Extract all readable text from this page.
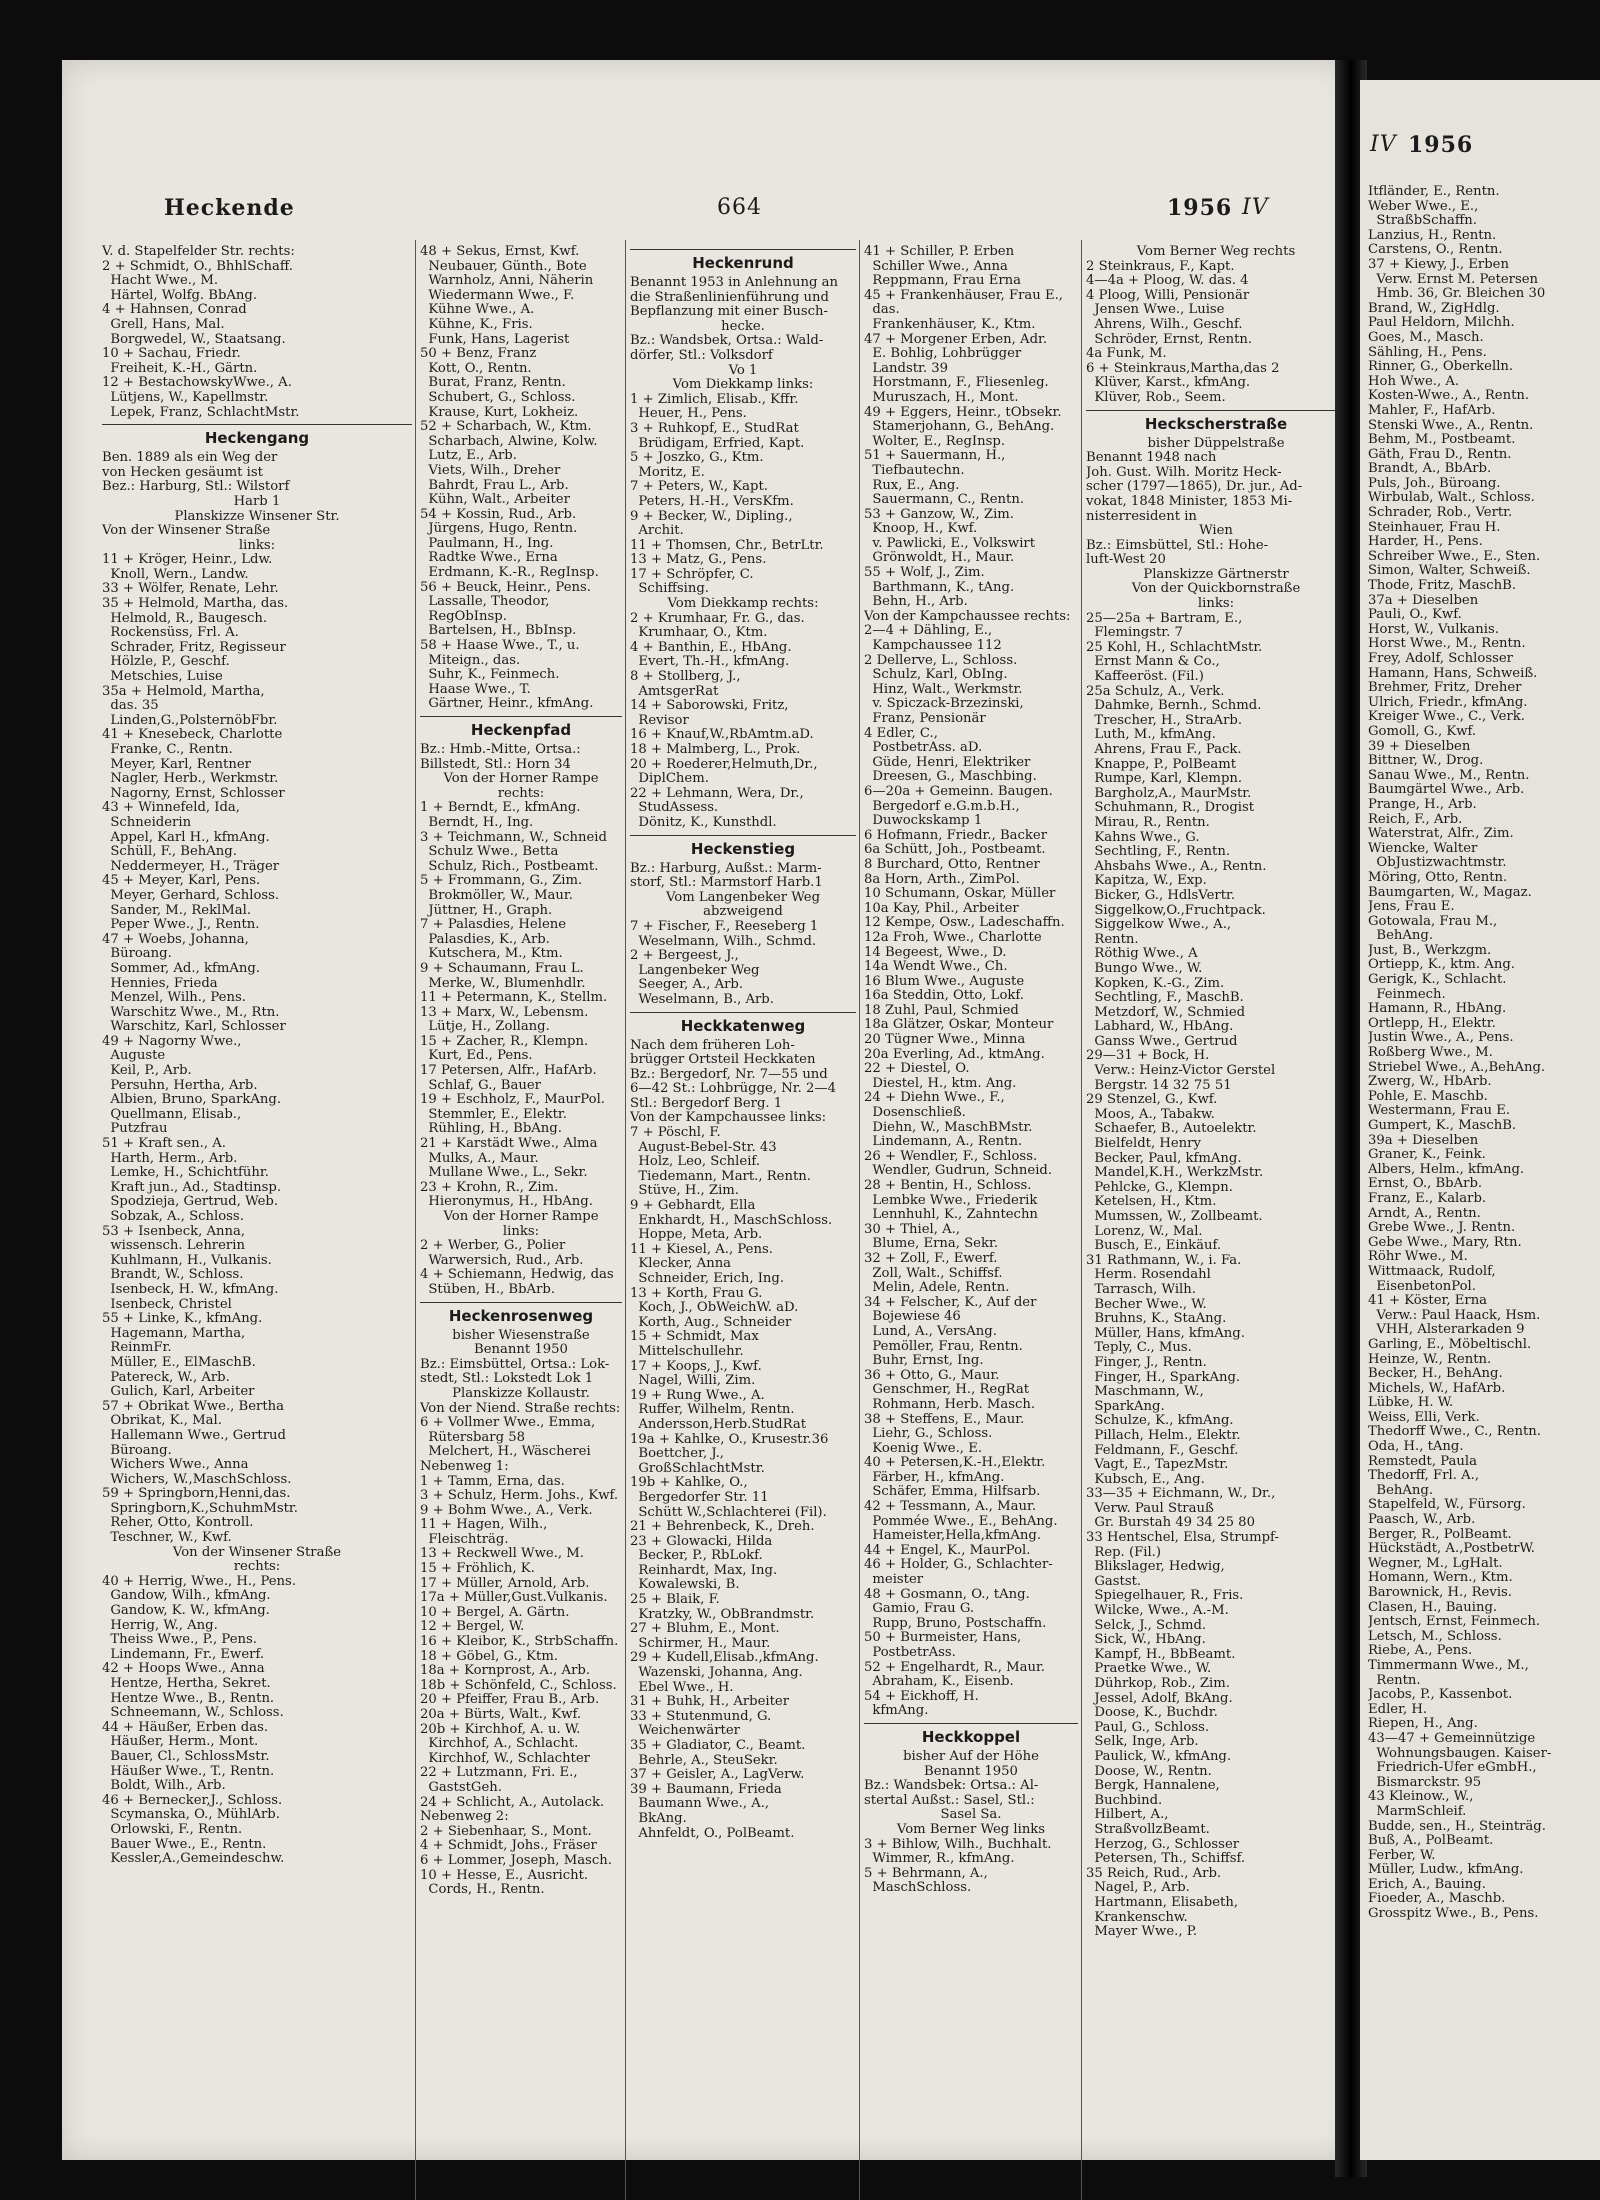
Heckende	664	1956 IV
V. d. Stapelfelder Str. rechts:
2 + Schmidt, O., BhhlSchaff.
Hacht Wwe., M.
Härtel, Wolfg. BbAng.
4 + Hahnsen, Conrad
Grell, Hans, Mal.
Borgwedel, W., Staatsang.
10 + Sachau, Friedr.
Freiheit, K.-H., Gärtn.
12 + BestachowskyWwe., A.
Lütjens, W., Kapellmstr.
Lepek, Franz, SchlachtMstr.
Heckengang
Ben. 1889 als ein Weg der
von Hecken gesäumt ist
Bez.: Harburg, Stl.: Wilstorf
Harb 1
Planskizze Winsener Str.
Von der Winsener Straße
links:
11 + Kröger, Heinr., Ldw.
Knoll, Wern., Landw.
33 + Wölfer, Renate, Lehr.
35 + Helmold, Martha, das.
Helmold, R., Baugesch.
Rockensüss, Frl. A.
Schrader, Fritz, Regisseur
Hölzle, P., Geschf.
Metschies, Luise
35a + Helmold, Martha,
das. 35
Linden,G.,PolsternöbFbr.
41 + Knesebeck, Charlotte
Franke, C., Rentn.
Meyer, Karl, Rentner
Nagler, Herb., Werkmstr.
Nagorny, Ernst, Schlosser
43 + Winnefeld, Ida,
Schneiderin
Appel, Karl H., kfmAng.
Schüll, F., BehAng.
Neddermeyer, H., Träger
45 + Meyer, Karl, Pens.
Meyer, Gerhard, Schloss.
Sander, M., ReklMal.
Peper Wwe., J., Rentn.
47 + Woebs, Johanna,
Büroang.
Sommer, Ad., kfmAng.
Hennies, Frieda
Menzel, Wilh., Pens.
Warschitz Wwe., M., Rtn.
Warschitz, Karl, Schlosser
49 + Nagorny Wwe.,
Auguste
Keil, P., Arb.
Persuhn, Hertha, Arb.
Albien, Bruno, SparkAng.
Quellmann, Elisab.,
Putzfrau
51 + Kraft sen., A.
Harth, Herm., Arb.
Lemke, H., Schichtführ.
Kraft jun., Ad., Stadtinsp.
Spodzieja, Gertrud, Web.
Sobzak, A., Schloss.
53 + Isenbeck, Anna,
wissensch. Lehrerin
Kuhlmann, H., Vulkanis.
Brandt, W., Schloss.
Isenbeck, H. W., kfmAng.
Isenbeck, Christel
55 + Linke, K., kfmAng.
Hagemann, Martha,
ReinmFr.
Müller, E., ElMaschB.
Patereck, W., Arb.
Gulich, Karl, Arbeiter
57 + Obrikat Wwe., Bertha
Obrikat, K., Mal.
Hallemann Wwe., Gertrud
Büroang.
Wichers Wwe., Anna
Wichers, W.,MaschSchloss.
59 + Springborn,Henni,das.
Springborn,K.,SchuhmMstr.
Reher, Otto, Kontroll.
Teschner, W., Kwf.
Von der Winsener Straße
rechts:
40 + Herrig, Wwe., H., Pens.
Gandow, Wilh., kfmAng.
Gandow, K. W., kfmAng.
Herrig, W., Ang.
Theiss Wwe., P., Pens.
Lindemann, Fr., Ewerf.
42 + Hoops Wwe., Anna
Hentze, Hertha, Sekret.
Hentze Wwe., B., Rentn.
Schneemann, W., Schloss.
44 + Häußer, Erben das.
Häußer, Herm., Mont.
Bauer, Cl., SchlossMstr.
Häußer Wwe., T., Rentn.
Boldt, Wilh., Arb.
46 + Bernecker,J., Schloss.
Scymanska, O., MühlArb.
Orlowski, F., Rentn.
Bauer Wwe., E., Rentn.
Kessler,A.,Gemeindeschw.
48 + Sekus, Ernst, Kwf.
Neubauer, Günth., Bote
Warnholz, Anni, Näherin
Wiedermann Wwe., F.
Kühne Wwe., A.
Kühne, K., Fris.
Funk, Hans, Lagerist
50 + Benz, Franz
Kott, O., Rentn.
Burat, Franz, Rentn.
Schubert, G., Schloss.
Krause, Kurt, Lokheiz.
52 + Scharbach, W., Ktm.
Scharbach, Alwine, Kolw.
Lutz, E., Arb.
Viets, Wilh., Dreher
Bahrdt, Frau L., Arb.
Kühn, Walt., Arbeiter
54 + Kossin, Rud., Arb.
Jürgens, Hugo, Rentn.
Paulmann, H., Ing.
Radtke Wwe., Erna
Erdmann, K.-R., RegInsp.
56 + Beuck, Heinr., Pens.
Lassalle, Theodor,
RegObInsp.
Bartelsen, H., BbInsp.
58 + Haase Wwe., T., u.
Miteign., das.
Suhr, K., Feinmech.
Haase Wwe., T.
Gärtner, Heinr., kfmAng.
Heckenpfad
Bz.: Hmb.-Mitte, Ortsa.:
Billstedt, Stl.: Horn 34
Von der Horner Rampe
rechts:
1 + Berndt, E., kfmAng.
Berndt, H., Ing.
3 + Teichmann, W., Schneid
Schulz Wwe., Betta
Schulz, Rich., Postbeamt.
5 + Frommann, G., Zim.
Brokmöller, W., Maur.
Jüttner, H., Graph.
7 + Palasdies, Helene
Palasdies, K., Arb.
Kutschera, M., Ktm.
9 + Schaumann, Frau L.
Merke, W., Blumenhdlr.
11 + Petermann, K., Stellm.
13 + Marx, W., Lebensm.
Lütje, H., Zollang.
15 + Zacher, R., Klempn.
Kurt, Ed., Pens.
17 Petersen, Alfr., HafArb.
Schlaf, G., Bauer
19 + Eschholz, F., MaurPol.
Stemmler, E., Elektr.
Rühling, H., BbAng.
21 + Karstädt Wwe., Alma
Mulks, A., Maur.
Mullane Wwe., L., Sekr.
23 + Krohn, R., Zim.
Hieronymus, H., HbAng.
Von der Horner Rampe
links:
2 + Werber, G., Polier
Warwersich, Rud., Arb.
4 + Schiemann, Hedwig, das
Stüben, H., BbArb.
Heckenrosenweg
bisher Wiesenstraße
Benannt 1950
Bz.: Eimsbüttel, Ortsa.: Lok-
stedt, Stl.: Lokstedt Lok 1
Planskizze Kollaustr.
Von der Niend. Straße rechts:
6 + Vollmer Wwe., Emma,
Rütersbarg 58
Melchert, H., Wäscherei
Nebenweg 1:
1 + Tamm, Erna, das.
3 + Schulz, Herm. Johs., Kwf.
9 + Bohm Wwe., A., Verk.
11 + Hagen, Wilh.,
Fleischträg.
13 + Reckwell Wwe., M.
15 + Fröhlich, K.
17 + Müller, Arnold, Arb.
17a + Müller,Gust.Vulkanis.
10 + Bergel, A. Gärtn.
12 + Bergel, W.
16 + Kleibor, K., StrbSchaffn.
18 + Göbel, G., Ktm.
18a + Kornprost, A., Arb.
18b + Schönfeld, C., Schloss.
20 + Pfeiffer, Frau B., Arb.
20a + Bürts, Walt., Kwf.
20b + Kirchhof, A. u. W.
Kirchhof, A., Schlacht.
Kirchhof, W., Schlachter
22 + Lutzmann, Fri. E.,
GaststGeh.
24 + Schlicht, A., Autolack.
Nebenweg 2:
2 + Siebenhaar, S., Mont.
4 + Schmidt, Johs., Fräser
6 + Lommer, Joseph, Masch.
10 + Hesse, E., Ausricht.
Cords, H., Rentn.
Heckenrund
Benannt 1953 in Anlehnung an
die Straßenlinienführung und
Bepflanzung mit einer Busch-
hecke.
Bz.: Wandsbek, Ortsa.: Wald-
dörfer, Stl.: Volksdorf
Vo 1
Vom Diekkamp links:
1 + Zimlich, Elisab., Kffr.
Heuer, H., Pens.
3 + Ruhkopf, E., StudRat
Brüdigam, Erfried, Kapt.
5 + Joszko, G., Ktm.
Moritz, E.
7 + Peters, W., Kapt.
Peters, H.-H., VersKfm.
9 + Becker, W., Dipling.,
Archit.
11 + Thomsen, Chr., BetrLtr.
13 + Matz, G., Pens.
17 + Schröpfer, C.
Schiffsing.
Vom Diekkamp rechts:
2 + Krumhaar, Fr. G., das.
Krumhaar, O., Ktm.
4 + Banthin, E., HbAng.
Evert, Th.-H., kfmAng.
8 + Stollberg, J.,
AmtsgerRat
14 + Saborowski, Fritz,
Revisor
16 + Knauf,W.,RbAmtm.aD.
18 + Malmberg, L., Prok.
20 + Roederer,Helmuth,Dr.,
DiplChem.
22 + Lehmann, Wera, Dr.,
StudAssess.
Dönitz, K., Kunsthdl.
Heckenstieg
Bz.: Harburg, Außst.: Marm-
storf, Stl.: Marmstorf Harb.1
Vom Langenbeker Weg
abzweigend
7 + Fischer, F., Reeseberg 1
Weselmann, Wilh., Schmd.
2 + Bergeest, J.,
Langenbeker Weg
Seeger, A., Arb.
Weselmann, B., Arb.
Heckkatenweg
Nach dem früheren Loh-
brügger Ortsteil Heckkaten
Bz.: Bergedorf, Nr. 7—55 und
6—42 St.: Lohbrügge, Nr. 2—4
Stl.: Bergedorf Berg. 1
Von der Kampchaussee links:
7 + Pöschl, F.
August-Bebel-Str. 43
Holz, Leo, Schleif.
Tiedemann, Mart., Rentn.
Stüve, H., Zim.
9 + Gebhardt, Ella
Enkhardt, H., MaschSchloss.
Hoppe, Meta, Arb.
11 + Kiesel, A., Pens.
Klecker, Anna
Schneider, Erich, Ing.
13 + Korth, Frau G.
Koch, J., ObWeichW. aD.
Korth, Aug., Schneider
15 + Schmidt, Max
Mittelschullehr.
17 + Koops, J., Kwf.
Nagel, Willi, Zim.
19 + Rung Wwe., A.
Ruffer, Wilhelm, Rentn.
Andersson,Herb.StudRat
19a + Kahlke, O., Krusestr.36
Boettcher, J.,
GroßSchlachtMstr.
19b + Kahlke, O.,
Bergedorfer Str. 11
Schütt W.,Schlachterei (Fil).
21 + Behrenbeck, K., Dreh.
23 + Glowacki, Hilda
Becker, P., RbLokf.
Reinhardt, Max, Ing.
Kowalewski, B.
25 + Blaik, F.
Kratzky, W., ObBrandmstr.
27 + Bluhm, E., Mont.
Schirmer, H., Maur.
29 + Kudell,Elisab.,kfmAng.
Wazenski, Johanna, Ang.
Ebel Wwe., H.
31 + Buhk, H., Arbeiter
33 + Stutenmund, G.
Weichenwärter
35 + Gladiator, C., Beamt.
Behrle, A., SteuSekr.
37 + Geisler, A., LagVerw.
39 + Baumann, Frieda
Baumann Wwe., A.,
BkAng.
Ahnfeldt, O., PolBeamt.
41 + Schiller, P. Erben
Schiller Wwe., Anna
Reppmann, Frau Erna
45 + Frankenhäuser, Frau E.,
das.
Frankenhäuser, K., Ktm.
47 + Morgener Erben, Adr.
E. Bohlig, Lohbrügger
Landstr. 39
Horstmann, F., Fliesenleg.
Muruszach, H., Mont.
49 + Eggers, Heinr., tObsekr.
Stamerjohann, G., BehAng.
Wolter, E., RegInsp.
51 + Sauermann, H.,
Tiefbautechn.
Rux, E., Ang.
Sauermann, C., Rentn.
53 + Ganzow, W., Zim.
Knoop, H., Kwf.
v. Pawlicki, E., Volkswirt
Grönwoldt, H., Maur.
55 + Wolf, J., Zim.
Barthmann, K., tAng.
Behn, H., Arb.
Von der Kampchaussee rechts:
2—4 + Dähling, E.,
Kampchaussee 112
2 Dellerve, L., Schloss.
Schulz, Karl, ObIng.
Hinz, Walt., Werkmstr.
v. Spiczack-Brzezinski,
Franz, Pensionär
4 Edler, C.,
PostbetrAss. aD.
Güde, Henri, Elektriker
Dreesen, G., Maschbing.
6—20a + Gemeinn. Baugen.
Bergedorf e.G.m.b.H.,
Duwockskamp 1
6 Hofmann, Friedr., Backer
6a Schütt, Joh., Postbeamt.
8 Burchard, Otto, Rentner
8a Horn, Arth., ZimPol.
10 Schumann, Oskar, Müller
10a Kay, Phil., Arbeiter
12 Kempe, Osw., Ladeschaffn.
12a Froh, Wwe., Charlotte
14 Begeest, Wwe., D.
14a Wendt Wwe., Ch.
16 Blum Wwe., Auguste
16a Steddin, Otto, Lokf.
18 Zuhl, Paul, Schmied
18a Glätzer, Oskar, Monteur
20 Tügner Wwe., Minna
20a Everling, Ad., ktmAng.
22 + Diestel, O.
Diestel, H., ktm. Ang.
24 + Diehn Wwe., F.,
Dosenschließ.
Diehn, W., MaschBMstr.
Lindemann, A., Rentn.
26 + Wendler, F., Schloss.
Wendler, Gudrun, Schneid.
28 + Bentin, H., Schloss.
Lembke Wwe., Friederik
Lennhuhl, K., Zahntechn
30 + Thiel, A.,
Blume, Erna, Sekr.
32 + Zoll, F., Ewerf.
Zoll, Walt., Schiffsf.
Melin, Adele, Rentn.
34 + Felscher, K., Auf der
Bojewiese 46
Lund, A., VersAng.
Pemöller, Frau, Rentn.
Buhr, Ernst, Ing.
36 + Otto, G., Maur.
Genschmer, H., RegRat
Rohmann, Herb. Masch.
38 + Steffens, E., Maur.
Liehr, G., Schloss.
Koenig Wwe., E.
40 + Petersen,K.-H.,Elektr.
Färber, H., kfmAng.
Schäfer, Emma, Hilfsarb.
42 + Tessmann, A., Maur.
Pommée Wwe., E., BehAng.
Hameister,Hella,kfmAng.
44 + Engel, K., MaurPol.
46 + Holder, G., Schlachter-
meister
48 + Gosmann, O., tAng.
Gamio, Frau G.
Rupp, Bruno, Postschaffn.
50 + Burmeister, Hans,
PostbetrAss.
52 + Engelhardt, R., Maur.
Abraham, K., Eisenb.
54 + Eickhoff, H.
kfmAng.
Heckkoppel
bisher Auf der Höhe
Benannt 1950
Bz.: Wandsbek: Ortsa.: Al-
stertal Außst.: Sasel, Stl.:
Sasel Sa.
Vom Berner Weg links
3 + Bihlow, Wilh., Buchhalt.
Wimmer, R., kfmAng.
5 + Behrmann, A.,
MaschSchloss.
Vom Berner Weg rechts
2 Steinkraus, F., Kapt.
4—4a + Ploog, W. das. 4
4 Ploog, Willi, Pensionär
Jensen Wwe., Luise
Ahrens, Wilh., Geschf.
Schröder, Ernst, Rentn.
4a Funk, M.
6 + Steinkraus,Martha,das 2
Klüver, Karst., kfmAng.
Klüver, Rob., Seem.
Heckscherstraße
bisher Düppelstraße
Benannt 1948 nach
Joh. Gust. Wilh. Moritz Heck-
scher (1797—1865), Dr. jur., Ad-
vokat, 1848 Minister, 1853 Mi-
nisterresident in
Wien
Bz.: Eimsbüttel, Stl.: Hohe-
luft-West 20
Planskizze Gärtnerstr
Von der Quickbornstraße
links:
25—25a + Bartram, E.,
Flemingstr. 7
25 Kohl, H., SchlachtMstr.
Ernst Mann & Co.,
Kaffeeröst. (Fil.)
25a Schulz, A., Verk.
Dahmke, Bernh., Schmd.
Trescher, H., StraArb.
Luth, M., kfmAng.
Ahrens, Frau F., Pack.
Knappe, P., PolBeamt
Rumpe, Karl, Klempn.
Bargholz,A., MaurMstr.
Schuhmann, R., Drogist
Mirau, R., Rentn.
Kahns Wwe., G.
Sechtling, F., Rentn.
Ahsbahs Wwe., A., Rentn.
Kapitza, W., Exp.
Bicker, G., HdlsVertr.
Siggelkow,O.,Fruchtpack.
Siggelkow Wwe., A.,
Rentn.
Röthig Wwe., A
Bungo Wwe., W.
Kopken, K.-G., Zim.
Sechtling, F., MaschB.
Metzdorf, W., Schmied
Labhard, W., HbAng.
Ganss Wwe., Gertrud
29—31 + Bock, H.
Verw.: Heinz-Victor Gerstel
Bergstr. 14 32 75 51
29 Stenzel, G., Kwf.
Moos, A., Tabakw.
Schaefer, B., Autoelektr.
Bielfeldt, Henry
Becker, Paul, kfmAng.
Mandel,K.H., WerkzMstr.
Pehlcke, G., Klempn.
Ketelsen, H., Ktm.
Mumssen, W., Zollbeamt.
Lorenz, W., Mal.
Busch, E., Einkäuf.
31 Rathmann, W., i. Fa.
Herm. Rosendahl
Tarrasch, Wilh.
Becher Wwe., W.
Bruhns, K., StaAng.
Müller, Hans, kfmAng.
Teply, C., Mus.
Finger, J., Rentn.
Finger, H., SparkAng.
Maschmann, W.,
SparkAng.
Schulze, K., kfmAng.
Pillach, Helm., Elektr.
Feldmann, F., Geschf.
Vagt, E., TapezMstr.
Kubsch, E., Ang.
33—35 + Eichmann, W., Dr.,
Verw. Paul Strauß
Gr. Burstah 49 34 25 80
33 Hentschel, Elsa, Strumpf-
Rep. (Fil.)
Blikslager, Hedwig,
Gastst.
Spiegelhauer, R., Fris.
Wilcke, Wwe., A.-M.
Selck, J., Schmd.
Sick, W., HbAng.
Kampf, H., BbBeamt.
Praetke Wwe., W.
Dührkop, Rob., Zim.
Jessel, Adolf, BkAng.
Doose, K., Buchdr.
Paul, G., Schloss.
Selk, Inge, Arb.
Paulick, W., kfmAng.
Doose, W., Rentn.
Bergk, Hannalene,
Buchbind.
Hilbert, A.,
StraßvollzBeamt.
Herzog, G., Schlosser
Petersen, Th., Schiffsf.
35 Reich, Rud., Arb.
Nagel, P., Arb.
Hartmann, Elisabeth,
Krankenschw.
Mayer Wwe., P.
IV 1956
Itfländer, E., Rentn.
Weber Wwe., E.,
StraßbSchaffn.
Lanzius, H., Rentn.
Carstens, O., Rentn.
37 + Kiewy, J., Erben
Verw. Ernst M. Petersen
Hmb. 36, Gr. Bleichen 30
Brand, W., ZigHdlg.
Paul Heldorn, Milchh.
Goes, M., Masch.
Sähling, H., Pens.
Rinner, G., Oberkelln.
Hoh Wwe., A.
Kosten-Wwe., A., Rentn.
Mahler, F., HafArb.
Stenski Wwe., A., Rentn.
Behm, M., Postbeamt.
Gäth, Frau D., Rentn.
Brandt, A., BbArb.
Puls, Joh., Büroang.
Wirbulab, Walt., Schloss.
Schrader, Rob., Vertr.
Steinhauer, Frau H.
Harder, H., Pens.
Schreiber Wwe., E., Sten.
Simon, Walter, Schweiß.
Thode, Fritz, MaschB.
37a + Dieselben
Pauli, O., Kwf.
Horst, W., Vulkanis.
Horst Wwe., M., Rentn.
Frey, Adolf, Schlosser
Hamann, Hans, Schweiß.
Brehmer, Fritz, Dreher
Ulrich, Friedr., kfmAng.
Kreiger Wwe., C., Verk.
Gomoll, G., Kwf.
39 + Dieselben
Bittner, W., Drog.
Sanau Wwe., M., Rentn.
Baumgärtel Wwe., Arb.
Prange, H., Arb.
Reich, F., Arb.
Waterstrat, Alfr., Zim.
Wiencke, Walter
ObJustizwachtmstr.
Möring, Otto, Rentn.
Baumgarten, W., Magaz.
Jens, Frau E.
Gotowala, Frau M.,
BehAng.
Just, B., Werkzgm.
Ortiepp, K., ktm. Ang.
Gerigk, K., Schlacht.
Feinmech.
Hamann, R., HbAng.
Ortlepp, H., Elektr.
Justin Wwe., A., Pens.
Roßberg Wwe., M.
Striebel Wwe., A.,BehAng.
Zwerg, W., HbArb.
Pohle, E. Maschb.
Westermann, Frau E.
Gumpert, K., MaschB.
39a + Dieselben
Graner, K., Feink.
Albers, Helm., kfmAng.
Ernst, O., BbArb.
Franz, E., Kalarb.
Arndt, A., Rentn.
Grebe Wwe., J. Rentn.
Gebe Wwe., Mary, Rtn.
Röhr Wwe., M.
Wittmaack, Rudolf,
EisenbetonPol.
41 + Köster, Erna
Verw.: Paul Haack, Hsm.
VHH, Alsterarkaden 9
Garling, E., Möbeltischl.
Heinze, W., Rentn.
Becker, H., BehAng.
Michels, W., HafArb.
Lübke, H. W.
Weiss, Elli, Verk.
Thedorff Wwe., C., Rentn.
Oda, H., tAng.
Remstedt, Paula
Thedorff, Frl. A.,
BehAng.
Stapelfeld, W., Fürsorg.
Paasch, W., Arb.
Berger, R., PolBeamt.
Hückstädt, A.,PostbetrW.
Wegner, M., LgHalt.
Homann, Wern., Ktm.
Barownick, H., Revis.
Clasen, H., Bauing.
Jentsch, Ernst, Feinmech.
Letsch, M., Schloss.
Riebe, A., Pens.
Timmermann Wwe., M.,
Rentn.
Jacobs, P., Kassenbot.
Edler, H.
Riepen, H., Ang.
43—47 + Gemeinnützige
Wohnungsbaugen. Kaiser-
Friedrich-Ufer eGmbH.,
Bismarckstr. 95
43 Kleinow., W.,
MarmSchleif.
Budde, sen., H., Steinträg.
Buß, A., PolBeamt.
Ferber, W.
Müller, Ludw., kfmAng.
Erich, A., Bauing.
Fioeder, A., Maschb.
Grosspitz Wwe., B., Pens.
